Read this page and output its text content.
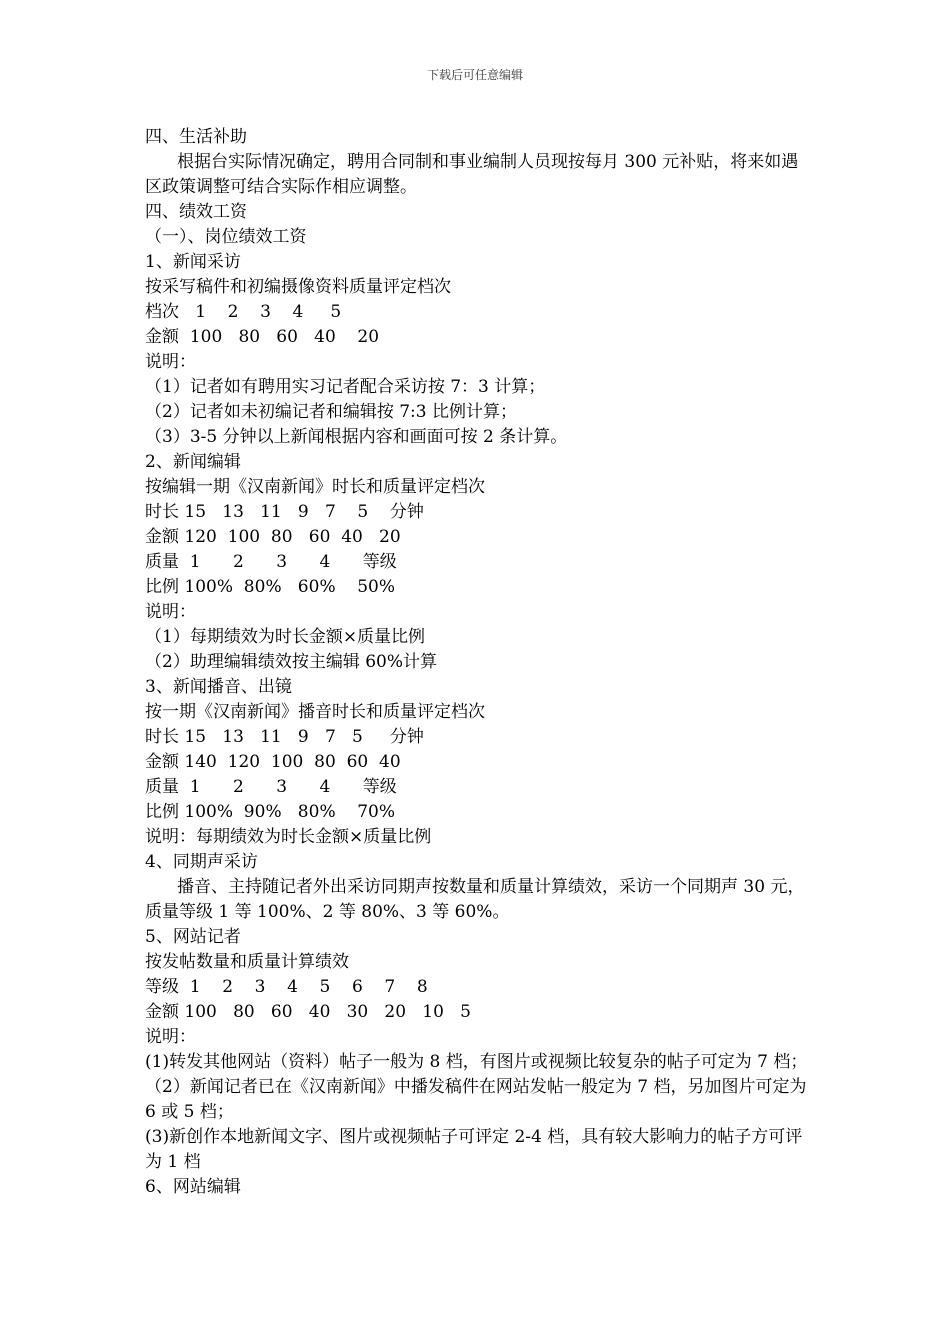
下载后可任意编辑
四、生活补助
根据台实际情况确定，聘用合同制和事业编制人员现按每月 300 元补贴，将来如遇区政策调整可结合实际作相应调整。
四、绩效工资
（一）、岗位绩效工资
1、新闻采访
按采写稿件和初编摄像资料质量评定档次
档次   1    2    3    4     5
金额  100   80   60   40    20
说明：
（1）记者如有聘用实习记者配合采访按 7：3 计算；
（2）记者如未初编记者和编辑按 7:3 比例计算；
（3）3-5 分钟以上新闻根据内容和画面可按 2 条计算。
2、新闻编辑
按编辑一期《汉南新闻》时长和质量评定档次
时长 15   13   11   9   7    5    分钟
金额 120  100  80   60  40   20
质量  1      2      3      4      等级
比例 100%  80%   60%    50%
说明：
（1）每期绩效为时长金额×质量比例
（2）助理编辑绩效按主编辑 60%计算
3、新闻播音、出镜
按一期《汉南新闻》播音时长和质量评定档次
时长 15   13   11   9   7   5     分钟
金额 140  120  100  80  60  40
质量  1      2      3      4      等级
比例 100%  90%   80%    70%
说明：每期绩效为时长金额×质量比例
4、同期声采访
播音、主持随记者外出采访同期声按数量和质量计算绩效，采访一个同期声 30 元，质量等级 1 等 100%、2 等 80%、3 等 60%。
5、网站记者
按发帖数量和质量计算绩效
等级  1    2    3    4    5    6    7    8
金额 100   80   60   40   30   20   10   5
说明：
(1)转发其他网站（资料）帖子一般为 8 档，有图片或视频比较复杂的帖子可定为 7 档；
（2）新闻记者已在《汉南新闻》中播发稿件在网站发帖一般定为 7 档，另加图片可定为 6 或 5 档；
(3)新创作本地新闻文字、图片或视频帖子可评定 2-4 档，具有较大影响力的帖子方可评为 1 档
6、网站编辑
